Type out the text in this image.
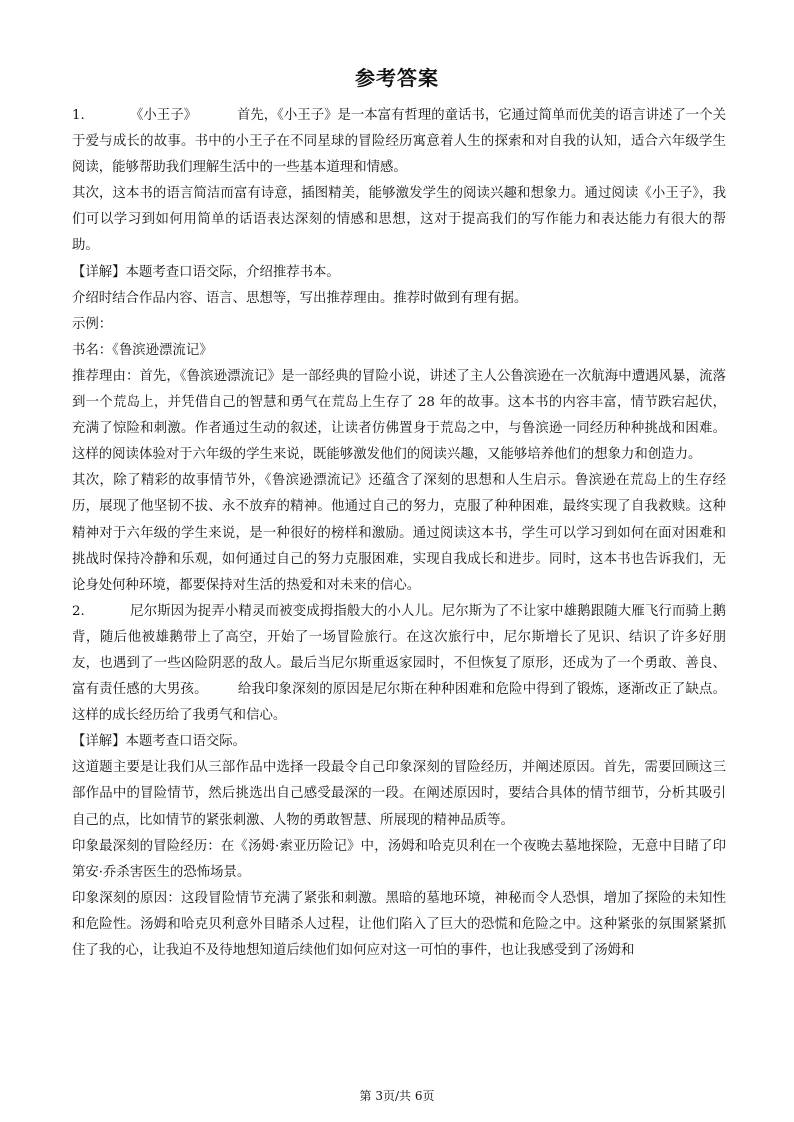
参考答案

1.	《小王子》	首先，《小王子》是一本富有哲理的童话书，它通过简单而优美的语言讲述了一个关于爱与成长的故事。书中的小王子在不同星球的冒险经历寓意着人生的探索和对自我的认知，适合六年级学生阅读，能够帮助我们理解生活中的一些基本道理和情感。

其次，这本书的语言简洁而富有诗意，插图精美，能够激发学生的阅读兴趣和想象力。通过阅读《小王子》，我们可以学习到如何用简单的话语表达深刻的情感和思想，这对于提高我们的写作能力和表达能力有很大的帮助。

【详解】本题考查口语交际，介绍推荐书本。

介绍时结合作品内容、语言、思想等，写出推荐理由。推荐时做到有理有据。

示例：

书名：《鲁滨逊漂流记》

推荐理由：首先，《鲁滨逊漂流记》是一部经典的冒险小说，讲述了主人公鲁滨逊在一次航海中遭遇风暴，流落到一个荒岛上，并凭借自己的智慧和勇气在荒岛上生存了 28 年的故事。这本书的内容丰富，情节跌宕起伏，充满了惊险和刺激。作者通过生动的叙述，让读者仿佛置身于荒岛之中，与鲁滨逊一同经历种种挑战和困难。这样的阅读体验对于六年级的学生来说，既能够激发他们的阅读兴趣，又能够培养他们的想象力和创造力。

其次，除了精彩的故事情节外，《鲁滨逊漂流记》还蕴含了深刻的思想和人生启示。鲁滨逊在荒岛上的生存经历，展现了他坚韧不拔、永不放弃的精神。他通过自己的努力，克服了种种困难，最终实现了自我救赎。这种精神对于六年级的学生来说，是一种很好的榜样和激励。通过阅读这本书，学生可以学习到如何在面对困难和挑战时保持冷静和乐观，如何通过自己的努力克服困难，实现自我成长和进步。同时，这本书也告诉我们，无论身处何种环境，都要保持对生活的热爱和对未来的信心。

2.	尼尔斯因为捉弄小精灵而被变成拇指般大的小人儿。尼尔斯为了不让家中雄鹅跟随大雁飞行而骑上鹅背，随后他被雄鹅带上了高空，开始了一场冒险旅行。在这次旅行中，尼尔斯增长了见识、结识了许多好朋友，也遇到了一些凶险阴恶的敌人。最后当尼尔斯重返家园时，不但恢复了原形，还成为了一个勇敢、善良、富有责任感的大男孩。 给我印象深刻的原因是尼尔斯在种种困难和危险中得到了锻炼，逐渐改正了缺点。这样的成长经历给了我勇气和信心。

【详解】本题考查口语交际。

这道题主要是让我们从三部作品中选择一段最令自己印象深刻的冒险经历，并阐述原因。首先，需要回顾这三部作品中的冒险情节，然后挑选出自己感受最深的一段。在阐述原因时，要结合具体的情节细节，分析其吸引自己的点，比如情节的紧张刺激、人物的勇敢智慧、所展现的精神品质等。

印象最深刻的冒险经历：在《汤姆·索亚历险记》中，汤姆和哈克贝利在一个夜晚去墓地探险，无意中目睹了印第安·乔杀害医生的恐怖场景。

印象深刻的原因：这段冒险情节充满了紧张和刺激。黑暗的墓地环境，神秘而令人恐惧，增加了探险的未知性和危险性。汤姆和哈克贝利意外目睹杀人过程，让他们陷入了巨大的恐慌和危险之中。这种紧张的氛围紧紧抓住了我的心，让我迫不及待地想知道后续他们如何应对这一可怕的事件，也让我感受到了汤姆和

第 3页/共 6页
